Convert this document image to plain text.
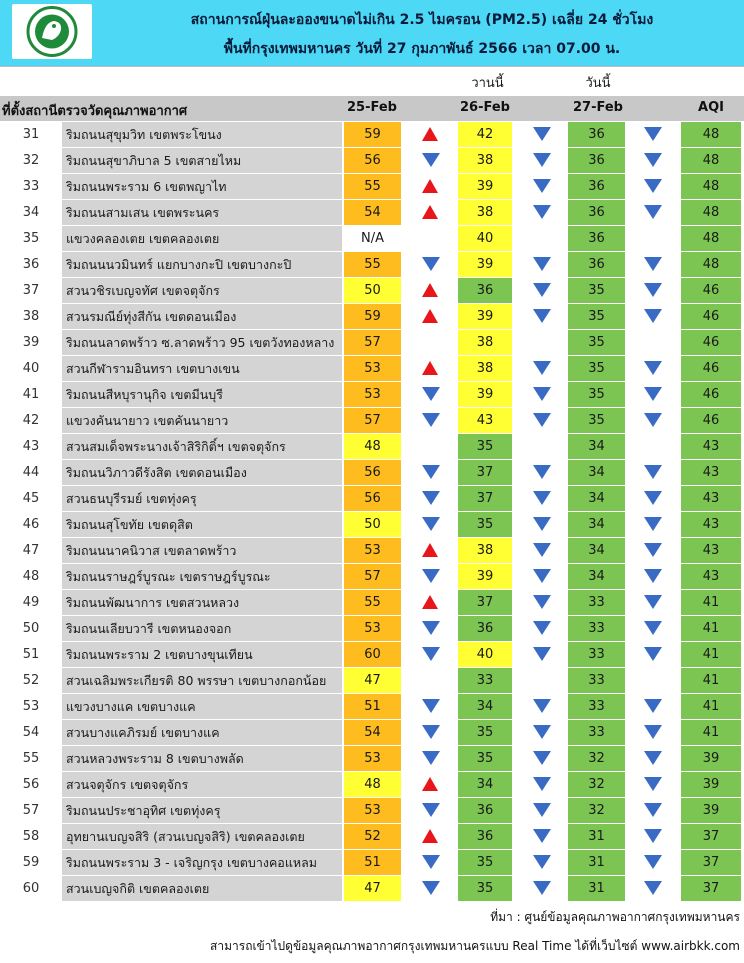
สถานการณ์ฝุ่นละอองขนาดไม่เกิน 2.5 ไมครอน (PM2.5) เฉลี่ย 24 ชั่วโมง
พื้นที่กรุงเทพมหานคร วันที่ 27 กุมภาพันธ์ 2566 เวลา 07.00 น.
วานนี้	วันนี้
ที่ตั้งสถานีตรวจวัดคุณภาพอากาศ	25-Feb	26-Feb	27-Feb	AQI
31	ริมถนนสุขุมวิท เขตพระโขนง	59	42	36	48
32	ริมถนนสุขาภิบาล 5 เขตสายไหม	56	38	36	48
33	ริมถนนพระราม 6 เขตพญาไท	55	39	36	48
34	ริมถนนสามเสน เขตพระนคร	54	38	36	48
35	แขวงคลองเตย เขตคลองเตย	N/A	40	36	48
36	ริมถนนนวมินทร์ แยกบางกะปิ เขตบางกะปิ	55	39	36	48
37	สวนวชิรเบญจทัศ เขตจตุจักร	50	36	35	46
38	สวนรมณีย์ทุ่งสีกัน เขตดอนเมือง	59	39	35	46
39	ริมถนนลาดพร้าว ซ.ลาดพร้าว 95 เขตวังทองหลาง	57	38	35	46
40	สวนกีฬารามอินทรา เขตบางเขน	53	38	35	46
41	ริมถนนสีหบุรานุกิจ เขตมีนบุรี	53	39	35	46
42	แขวงคันนายาว เขตคันนายาว	57	43	35	46
43	สวนสมเด็จพระนางเจ้าสิริกิติ์ฯ เขตจตุจักร	48	35	34	43
44	ริมถนนวิภาวดีรังสิต เขตดอนเมือง	56	37	34	43
45	สวนธนบุรีรมย์ เขตทุ่งครุ	56	37	34	43
46	ริมถนนสุโขทัย เขตดุสิต	50	35	34	43
47	ริมถนนนาคนิวาส เขตลาดพร้าว	53	38	34	43
48	ริมถนนราษฎร์บูรณะ เขตราษฎร์บูรณะ	57	39	34	43
49	ริมถนนพัฒนาการ เขตสวนหลวง	55	37	33	41
50	ริมถนนเลียบวารี เขตหนองจอก	53	36	33	41
51	ริมถนนพระราม 2 เขตบางขุนเทียน	60	40	33	41
52	สวนเฉลิมพระเกียรติ 80 พรรษา เขตบางกอกน้อย	47	33	33	41
53	แขวงบางแค เขตบางแค	51	34	33	41
54	สวนบางแคภิรมย์ เขตบางแค	54	35	33	41
55	สวนหลวงพระราม 8 เขตบางพลัด	53	35	32	39
56	สวนจตุจักร เขตจตุจักร	48	34	32	39
57	ริมถนนประชาอุทิศ เขตทุ่งครุ	53	36	32	39
58	อุทยานเบญจสิริ (สวนเบญจสิริ) เขตคลองเตย	52	36	31	37
59	ริมถนนพระราม 3 - เจริญกรุง เขตบางคอแหลม	51	35	31	37
60	สวนเบญจกิติ เขตคลองเตย	47	35	31	37
ที่มา : ศูนย์ข้อมูลคุณภาพอากาศกรุงเทพมหานคร
สามารถเข้าไปดูข้อมูลคุณภาพอากาศกรุงเทพมหานครแบบ Real Time ได้ที่เว็บไซต์ www.airbkk.com
